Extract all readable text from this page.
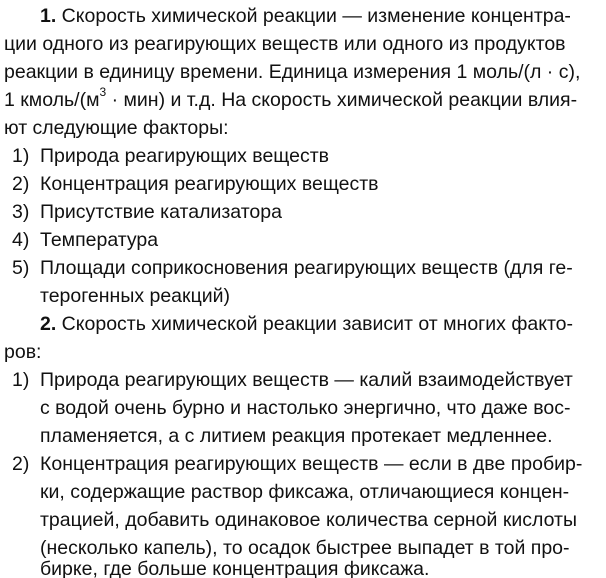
1. Скорость химической реакции — изменение концентра-
ции одного из реагирующих веществ или одного из продуктов
реакции в единицу времени. Единица измерения 1 моль/(л · с),
1 кмоль/$(м^3 \cdot мин)$ и т.д. На скорость химической реакции влия-
ют следующие факторы:
1) Природа реагирующих веществ
2) Концентрация реагирующих веществ
3) Присутствие катализатора
4) Температура
5) Площади соприкосновения реагирующих веществ (для ге-
терогенных реакций)
2. Скорость химической реакции зависит от многих факто-
ров:
1) Природа реагирующих веществ — калий взаимодействует
с водой очень бурно и настолько энергично, что даже вос-
пламеняется, а с литием реакция протекает медленнее.
2) Концентрация реагирующих веществ — если в две пробир-
ки, содержащие раствор фиксажа, отличающиеся концен-
трацией, добавить одинаковое количества серной кислоты
(несколько капель), то осадок быстрее выпадет в той про-
бирке, где больше концентрация фиксажа.
